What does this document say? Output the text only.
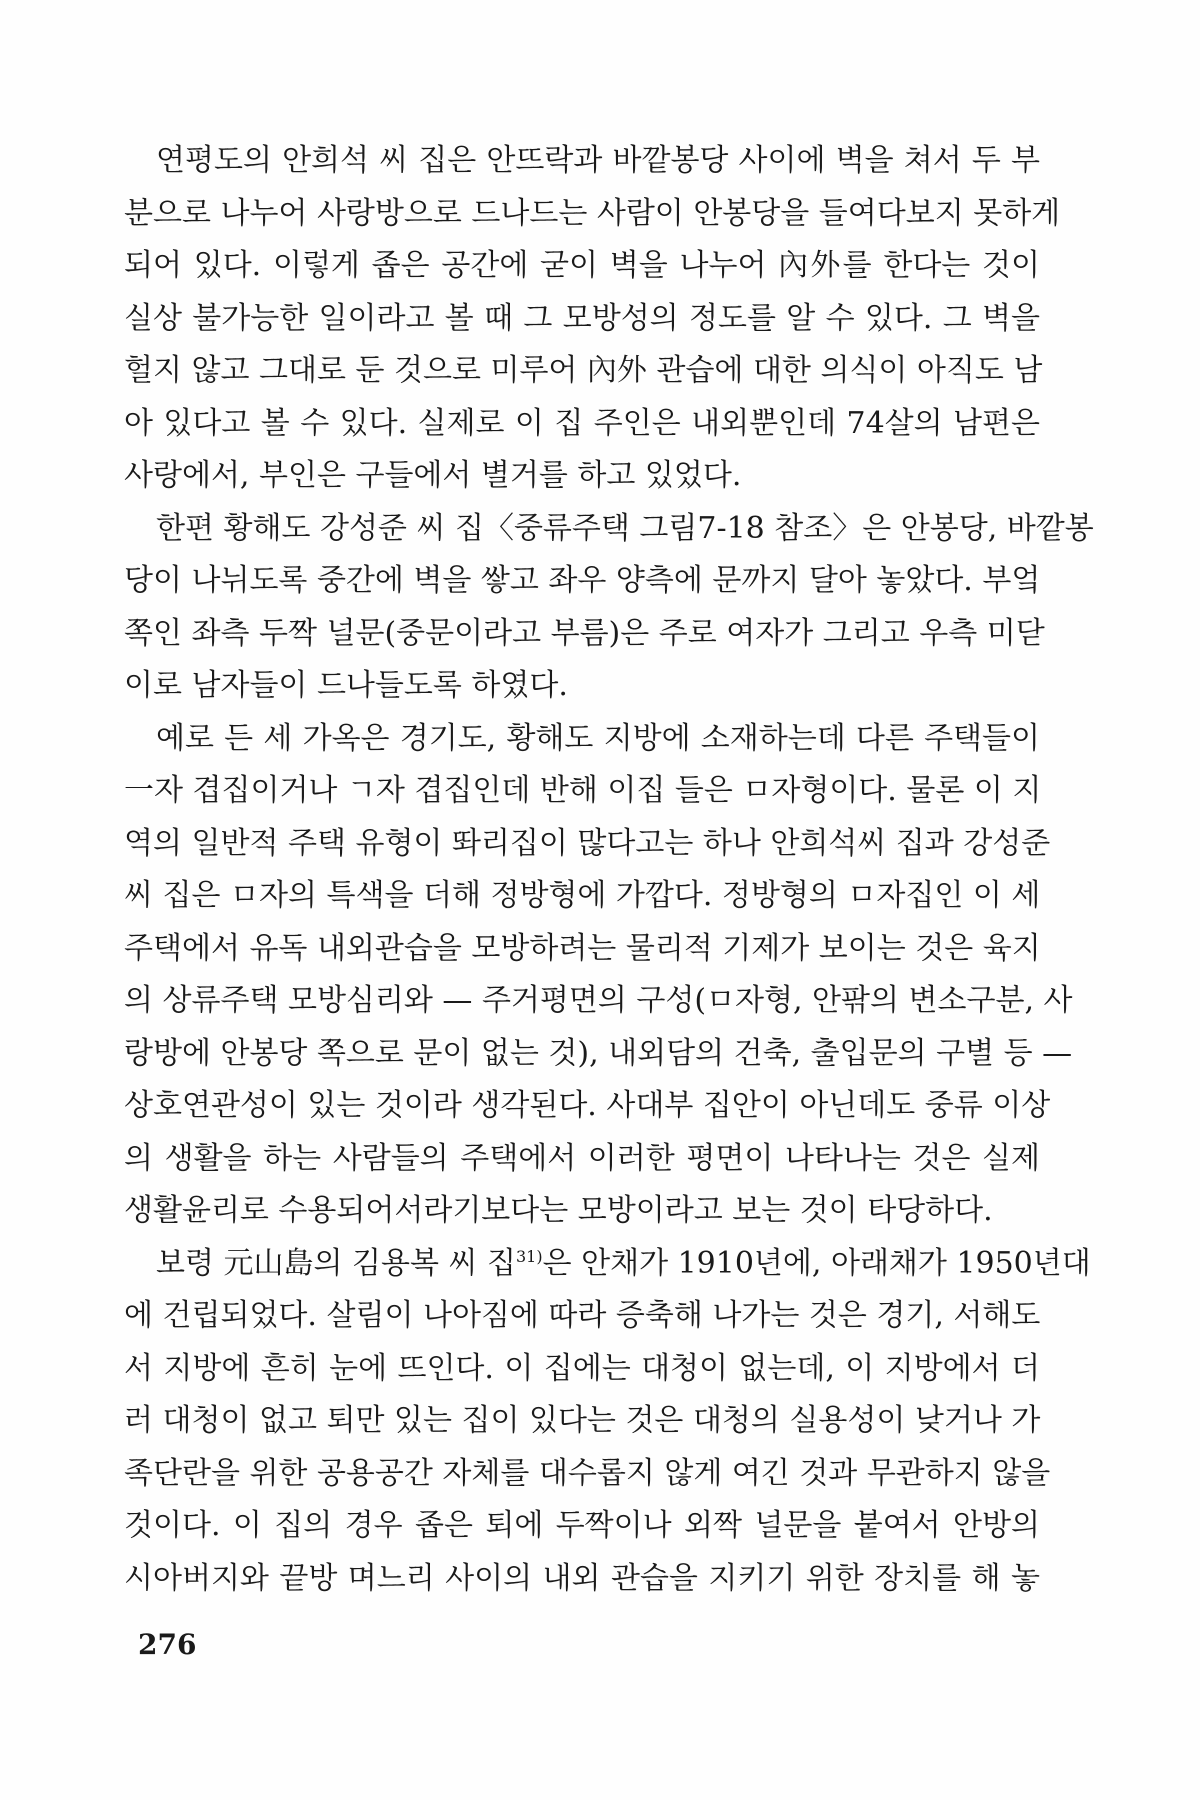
연평도의 안희석 씨 집은 안뜨락과 바깥봉당 사이에 벽을 쳐서 두 부
분으로 나누어 사랑방으로 드나드는 사람이 안봉당을 들여다보지 못하게
되어 있다. 이렇게 좁은 공간에 굳이 벽을 나누어 內外를 한다는 것이
실상 불가능한 일이라고 볼 때 그 모방성의 정도를 알 수 있다. 그 벽을
헐지 않고 그대로 둔 것으로 미루어 內外 관습에 대한 의식이 아직도 남
아 있다고 볼 수 있다. 실제로 이 집 주인은 내외뿐인데 74살의 남편은
사랑에서, 부인은 구들에서 별거를 하고 있었다.
한편 황해도 강성준 씨 집〈중류주택 그림7-18 참조〉은 안봉당, 바깥봉
당이 나뉘도록 중간에 벽을 쌓고 좌우 양측에 문까지 달아 놓았다. 부엌
쪽인 좌측 두짝 널문(중문이라고 부름)은 주로 여자가 그리고 우측 미닫
이로 남자들이 드나들도록 하였다.
예로 든 세 가옥은 경기도, 황해도 지방에 소재하는데 다른 주택들이
一자 겹집이거나 ㄱ자 겹집인데 반해 이집 들은 ㅁ자형이다. 물론 이 지
역의 일반적 주택 유형이 똬리집이 많다고는 하나 안희석씨 집과 강성준
씨 집은 ㅁ자의 특색을 더해 정방형에 가깝다. 정방형의 ㅁ자집인 이 세
주택에서 유독 내외관습을 모방하려는 물리적 기제가 보이는 것은 육지
의 상류주택 모방심리와 — 주거평면의 구성(ㅁ자형, 안팎의 변소구분, 사
랑방에 안봉당 쪽으로 문이 없는 것), 내외담의 건축, 출입문의 구별 등 —
상호연관성이 있는 것이라 생각된다. 사대부 집안이 아닌데도 중류 이상
의 생활을 하는 사람들의 주택에서 이러한 평면이 나타나는 것은 실제
생활윤리로 수용되어서라기보다는 모방이라고 보는 것이 타당하다.
보령 元山島의 김용복 씨 집$^{31)}$은 안채가 1910년에, 아래채가 1950년대
에 건립되었다. 살림이 나아짐에 따라 증축해 나가는 것은 경기, 서해도
서 지방에 흔히 눈에 뜨인다. 이 집에는 대청이 없는데, 이 지방에서 더
러 대청이 없고 퇴만 있는 집이 있다는 것은 대청의 실용성이 낮거나 가
족단란을 위한 공용공간 자체를 대수롭지 않게 여긴 것과 무관하지 않을
것이다. 이 집의 경우 좁은 퇴에 두짝이나 외짝 널문을 붙여서 안방의
시아버지와 끝방 며느리 사이의 내외 관습을 지키기 위한 장치를 해 놓
276
